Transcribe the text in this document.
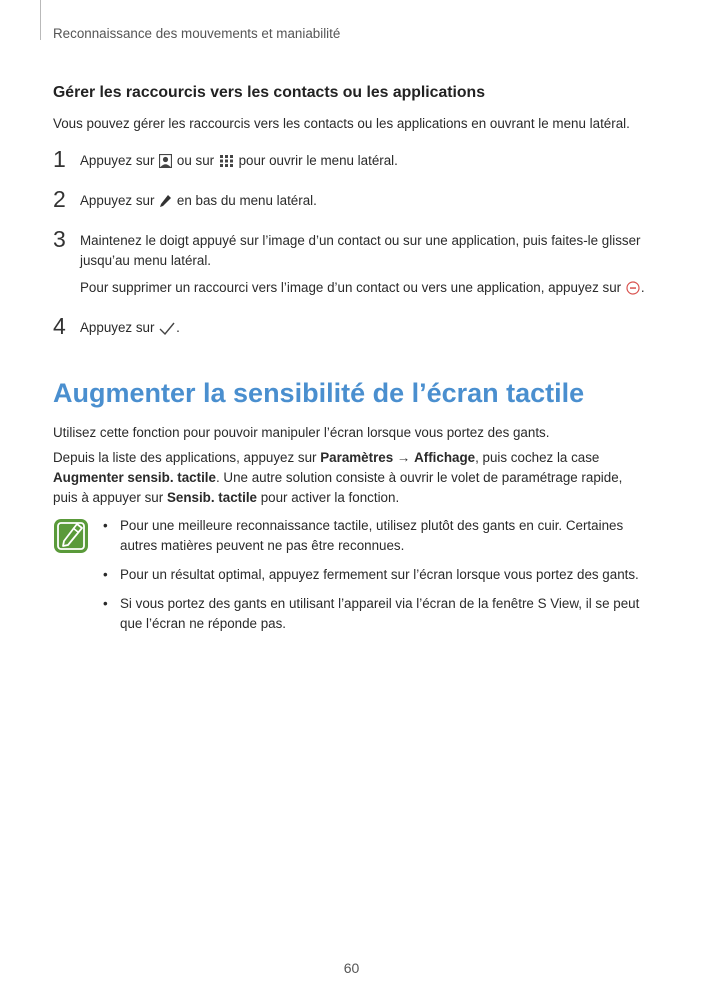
Reconnaissance des mouvements et maniabilité
Gérer les raccourcis vers les contacts ou les applications
Vous pouvez gérer les raccourcis vers les contacts ou les applications en ouvrant le menu latéral.
1 Appuyez sur ou sur pour ouvrir le menu latéral.
2 Appuyez sur en bas du menu latéral.
3 Maintenez le doigt appuyé sur l’image d’un contact ou sur une application, puis faites-le glisser jusqu’au menu latéral.
Pour supprimer un raccourci vers l’image d’un contact ou vers une application, appuyez sur .
4 Appuyez sur .
Augmenter la sensibilité de l’écran tactile
Utilisez cette fonction pour pouvoir manipuler l’écran lorsque vous portez des gants.
Depuis la liste des applications, appuyez sur Paramètres → Affichage, puis cochez la case Augmenter sensib. tactile. Une autre solution consiste à ouvrir le volet de paramétrage rapide, puis à appuyer sur Sensib. tactile pour activer la fonction.
• Pour une meilleure reconnaissance tactile, utilisez plutôt des gants en cuir. Certaines autres matières peuvent ne pas être reconnues.
• Pour un résultat optimal, appuyez fermement sur l’écran lorsque vous portez des gants.
• Si vous portez des gants en utilisant l’appareil via l’écran de la fenêtre S View, il se peut que l’écran ne réponde pas.
60
